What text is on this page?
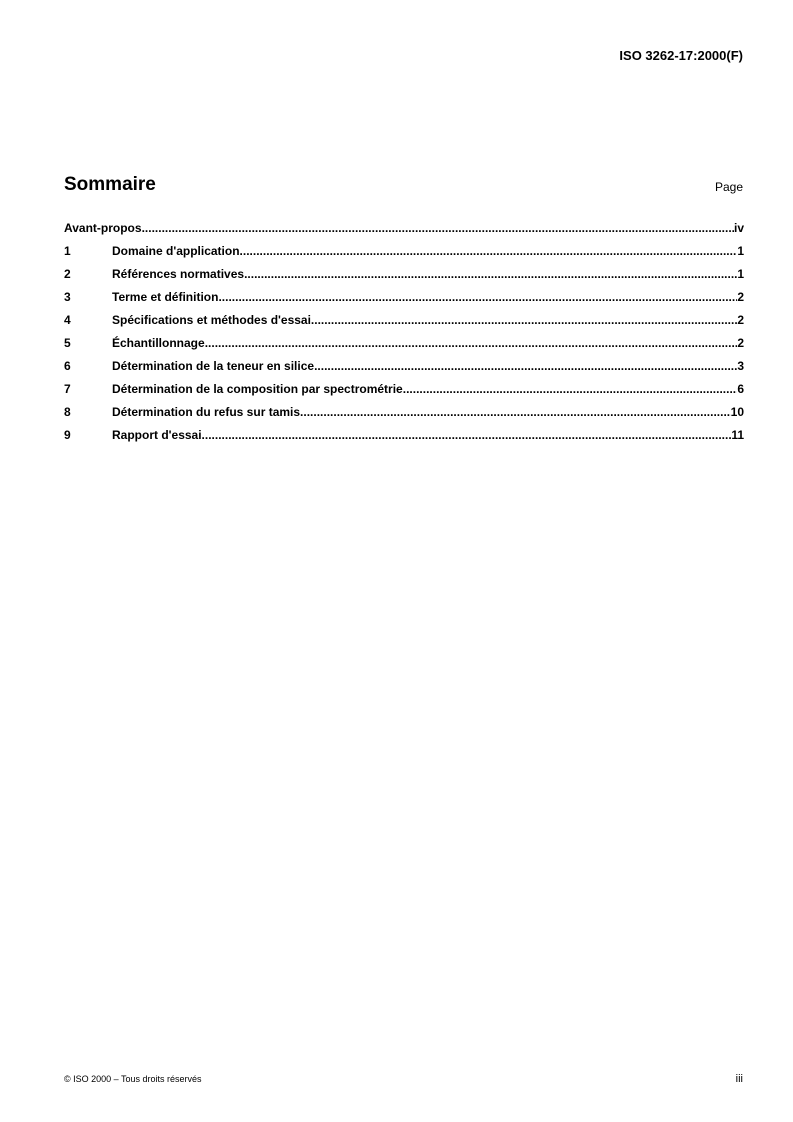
ISO 3262-17:2000(F)
Sommaire	Page
Avant-propos .....	iv
1	Domaine d'application .....	1
2	Références normatives .....	1
3	Terme et définition .....	2
4	Spécifications et méthodes d'essai .....	2
5	Échantillonnage .....	2
6	Détermination de la teneur en silice .....	3
7	Détermination de la composition par spectrométrie .....	6
8	Détermination du refus sur tamis .....	10
9	Rapport d'essai .....	11
© ISO 2000 – Tous droits réservés	iii
